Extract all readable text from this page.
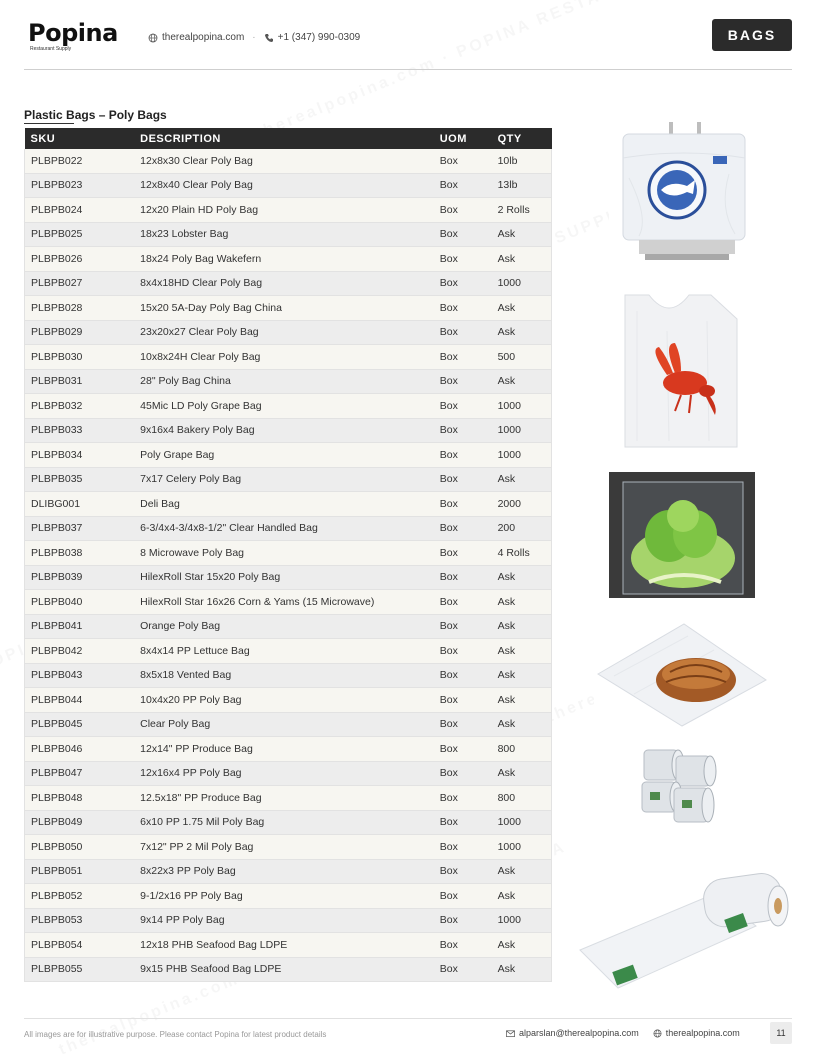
Popina
Restaurant Supply
therealpopina.com · +1 (347) 990-0309	BAGS
Plastic Bags – Poly Bags
SKU	DESCRIPTION	UOM	QTY
PLBPB022	12x8x30 Clear Poly Bag	Box	10lb
PLBPB023	12x8x40 Clear Poly Bag	Box	13lb
PLBPB024	12x20 Plain HD Poly Bag	Box	2 Rolls
PLBPB025	18x23 Lobster Bag	Box	Ask
PLBPB026	18x24 Poly Bag Wakefern	Box	Ask
PLBPB027	8x4x18HD Clear Poly Bag	Box	1000
PLBPB028	15x20 5A-Day Poly Bag China	Box	Ask
PLBPB029	23x20x27 Clear Poly Bag	Box	Ask
PLBPB030	10x8x24H Clear Poly Bag	Box	500
PLBPB031	28" Poly Bag China	Box	Ask
PLBPB032	45Mic LD Poly Grape Bag	Box	1000
PLBPB033	9x16x4 Bakery Poly Bag	Box	1000
PLBPB034	Poly Grape Bag	Box	1000
PLBPB035	7x17 Celery Poly Bag	Box	Ask
DLIBG001	Deli Bag	Box	2000
PLBPB037	6-3/4x4-3/4x8-1/2" Clear Handled Bag	Box	200
PLBPB038	8 Microwave Poly Bag	Box	4 Rolls
PLBPB039	HilexRoll Star 15x20 Poly Bag	Box	Ask
PLBPB040	HilexRoll Star 16x26 Corn & Yams (15 Microwave)	Box	Ask
PLBPB041	Orange Poly Bag	Box	Ask
PLBPB042	8x4x14 PP Lettuce Bag	Box	Ask
PLBPB043	8x5x18 Vented Bag	Box	Ask
PLBPB044	10x4x20 PP Poly Bag	Box	Ask
PLBPB045	Clear Poly Bag	Box	Ask
PLBPB046	12x14" PP Produce Bag	Box	800
PLBPB047	12x16x4 PP Poly Bag	Box	Ask
PLBPB048	12.5x18" PP Produce Bag	Box	800
PLBPB049	6x10 PP 1.75 Mil Poly Bag	Box	1000
PLBPB050	7x12" PP 2 Mil Poly Bag	Box	1000
PLBPB051	8x22x3 PP Poly Bag	Box	Ask
PLBPB052	9-1/2x16 PP Poly Bag	Box	Ask
PLBPB053	9x14 PP Poly Bag	Box	1000
PLBPB054	12x18 PHB Seafood Bag LDPE	Box	Ask
PLBPB055	9x15 PHB Seafood Bag LDPE	Box	Ask
All images are for illustrative purpose. Please contact Popina for latest product details	alparslan@therealpopina.com	therealpopina.com	11
